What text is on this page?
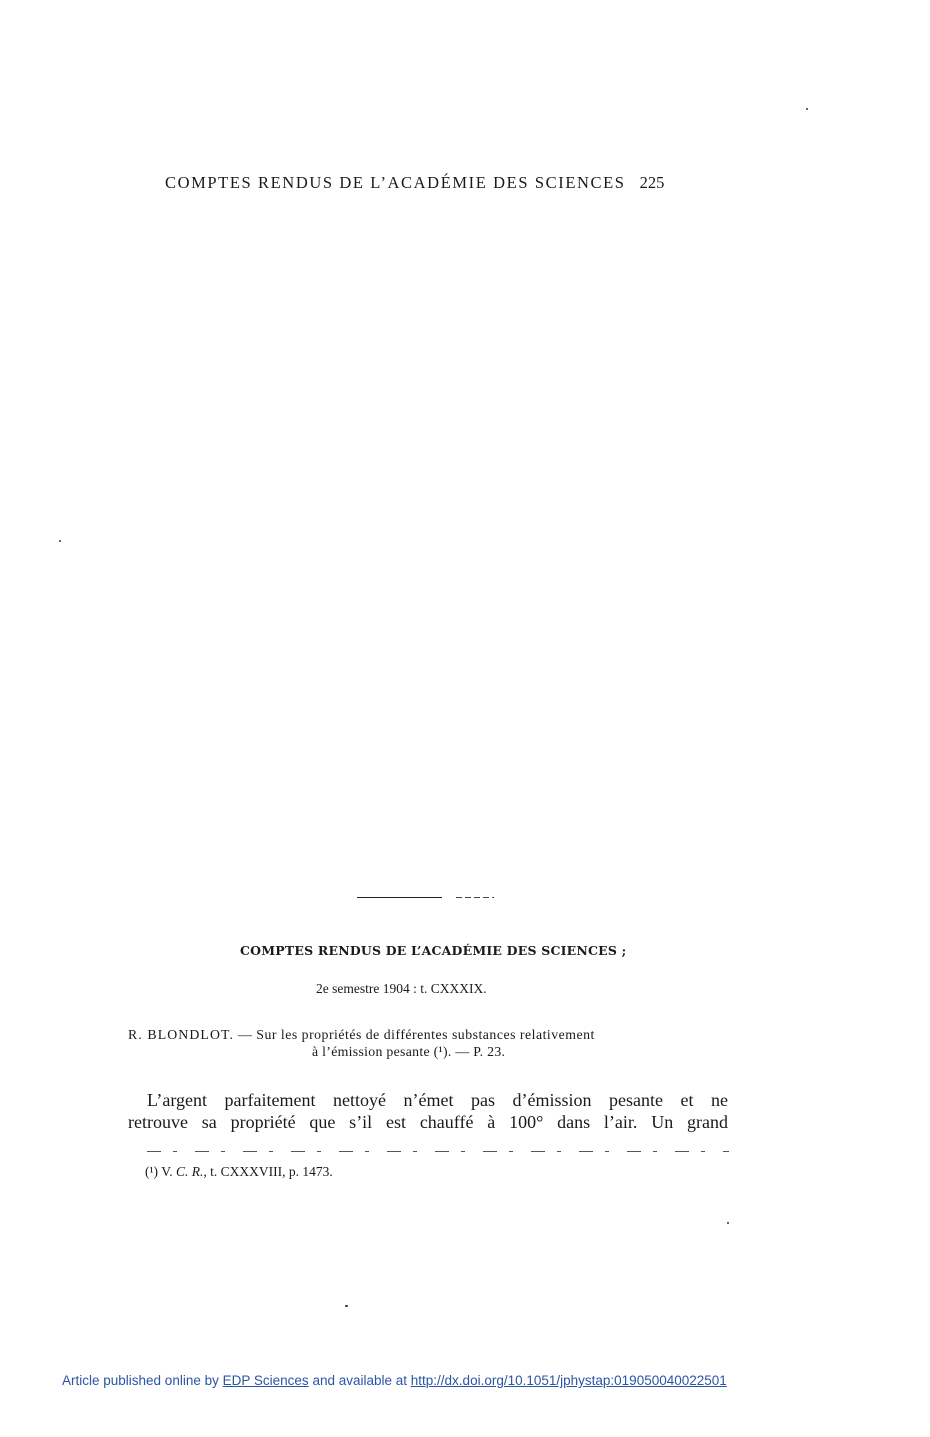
COMPTES RENDUS DE L’ACADÉMIE DES SCIENCES 225
COMPTES RENDUS DE L’ACADÉMIE DES SCIENCES ;
2e semestre 1904 : t. CXXXIX.
R. BLONDLOT. — Sur les propriétés de différentes substances relativement
à l’émission pesante (¹). — P. 23.
L’argent parfaitement nettoyé n’émet pas d’émission pesante et ne
retrouve sa propriété que s’il est chauffé à 100° dans l’air. Un grand
(¹) V. C. R., t. CXXXVIII, p. 1473.
Article published online by EDP Sciences and available at http://dx.doi.org/10.1051/jphystap:019050040022501
